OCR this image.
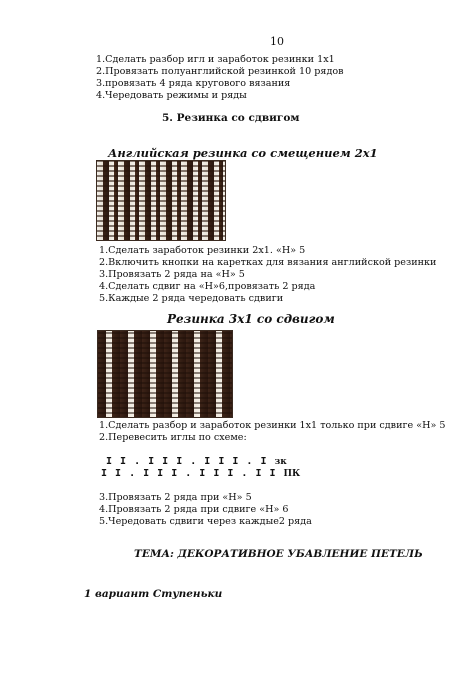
10
1.Сделать разбор игл и заработок резинки 1х1
2.Провязать полуанглийской резинкой 10 рядов
3.провязать 4 ряда кругового вязания
4.Чередовать режимы и ряды
5. Резинка со сдвигом
Английская резинка со смещением 2х1
1.Сделать заработок резинки 2х1. «Н» 5
2.Включить кнопки на каретках для вязания английской резинки
3.Провязать 2 ряда на «Н» 5
4.Сделать сдвиг на «Н»6,провязать 2 ряда
5.Каждые 2 ряда чередовать сдвиги
Резинка 3х1 со сдвигом
1.Сделать разбор и заработок резинки 1х1 только при сдвиге «Н» 5
2.Перевесить иглы по схеме:
I I . I I I . I I I . I зк
I I . I I I . I I I . I I ПК
3.Провязать 2 ряда при «Н» 5
4.Провязать 2 ряда при сдвиге «Н» 6
5.Чередовать сдвиги через каждые2 ряда
ТЕМА: ДЕКОРАТИВНОЕ УБАВЛЕНИЕ ПЕТЕЛЬ
1 вариант Ступеньки
